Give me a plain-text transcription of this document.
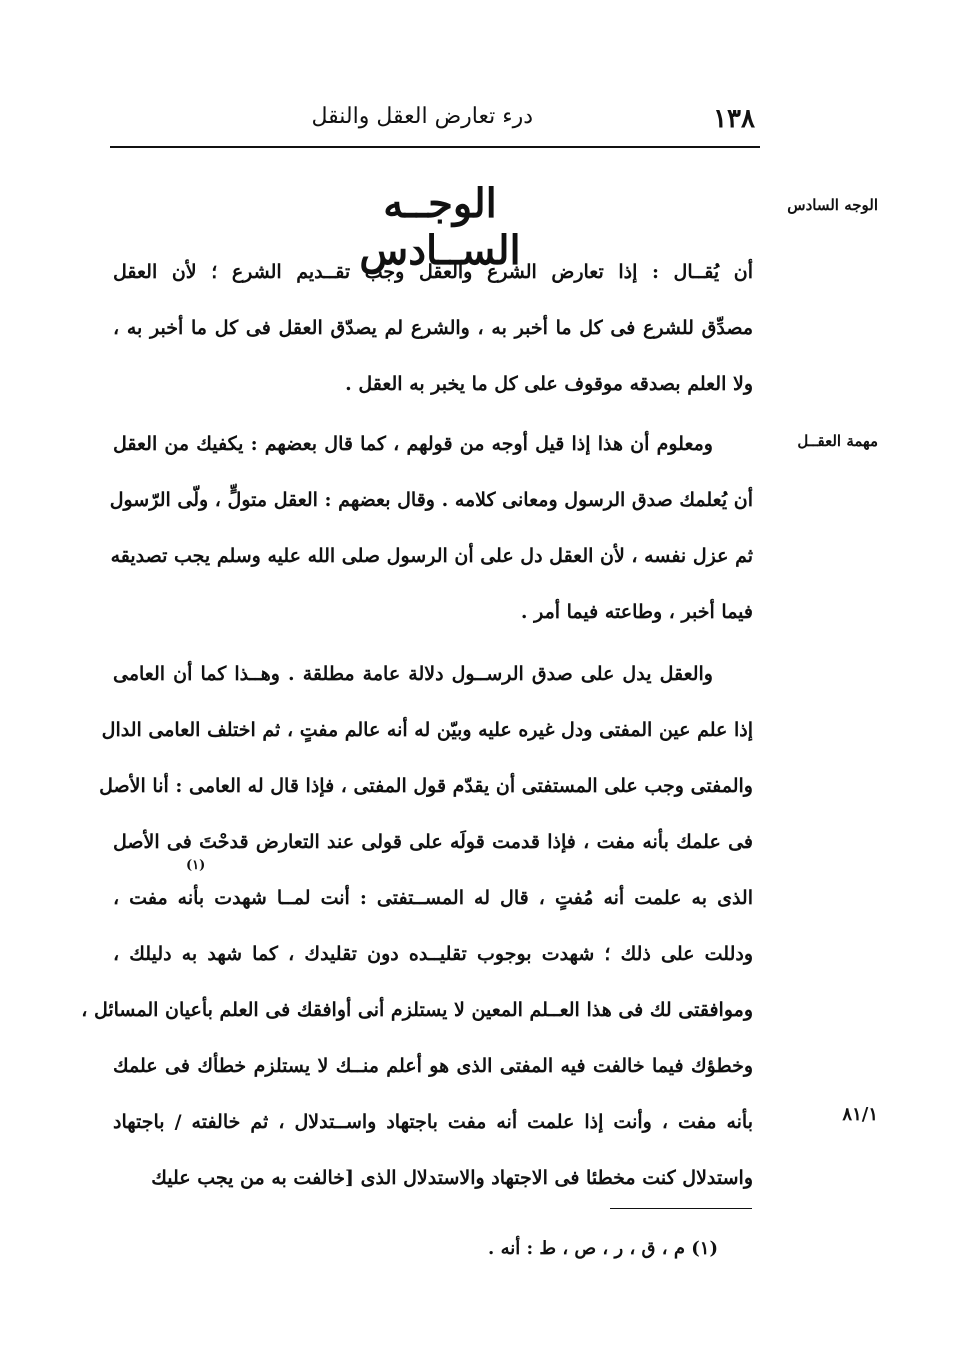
١٣٨
درء تعارض العقل والنقل
الوجــه الســادس
الوجه السادس
مهمة العقــل
٨١/١
أن يُقــال : إذا تعارض الشرع والعقل وجب تقــديم الشرع ؛ لأن العقل
مصدِّق للشرع فى كل ما أخبر به ، والشرع لم يصدّق العقل فى كل ما أخبر به ،
ولا العلم بصدقه موقوف على كل ما يخبر به العقل .
ومعلوم أن هذا إذا قيل أوجه من قولهم ، كما قال بعضهم : يكفيك من العقل
أن يُعلمك صدق الرسول ومعانى كلامه . وقال بعضهم : العقل متولٍّ ، ولّى الرّسول
ثم عزل نفسه ، لأن العقل دل على أن الرسول صلى الله عليه وسلم يجب تصديقه
فيما أخبر ، وطاعته فيما أمر .
والعقل يدل على صدق الرســول دلالة عامة مطلقة . وهــذا كما أن العامى
إذا علم عين المفتى ودل غيره عليه وبيّن له أنه عالم مفتٍ ، ثم اختلف العامى الدال
والمفتى وجب على المستفتى أن يقدّم قول المفتى ، فإذا قال له العامى : أنا الأصل
فى علمك بأنه مفت ، فإذا قدمت قولَه على قولى عند التعارض قدحْتَ فى الأصل
الذى به علمت أنه مُفتٍ ، قال له المســتفتى : أنت لمــا شهدت بأنه مفت ،
ودللت على ذلك ؛ شهدت بوجوب تقليــده دون تقليدك ، كما شهد به دليلك ،
وموافقتى لك فى هذا العــلم المعين لا يستلزم أنى أوافقك فى العلم بأعيان المسائل ،
وخطؤك فيما خالفت فيه المفتى الذى هو أعلم منــك لا يستلزم خطأك فى علمك
بأنه مفت ، وأنت إذا علمت أنه مفت باجتهاد واســتدلال ، ثم خالفته / باجتهاد
واستدلال كنت مخطئا فى الاجتهاد والاستدلال الذى [خالفت به من يجب عليك
(١)
(١) م ، ق ، ر ، ص ، ط : أنه .
